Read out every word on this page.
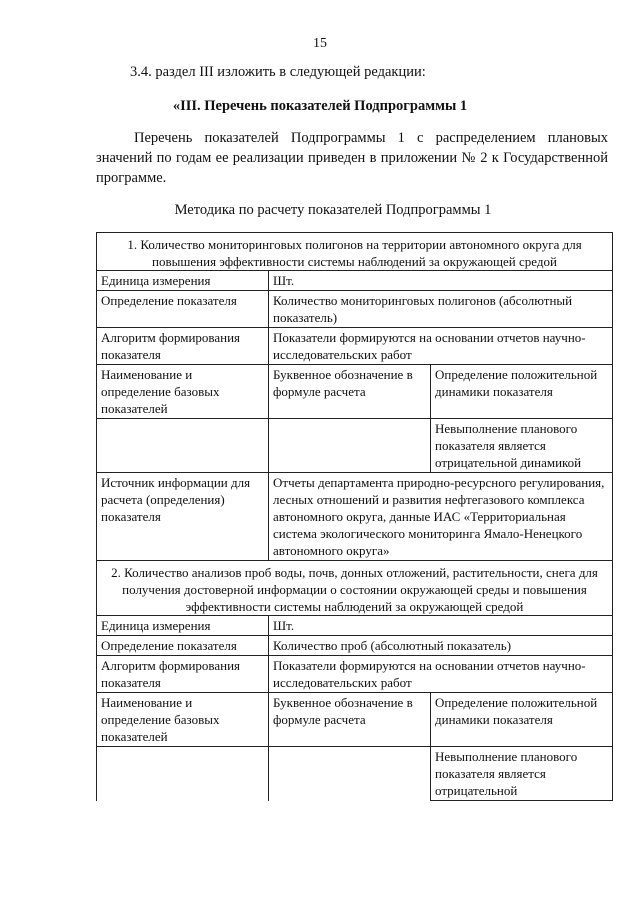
15
3.4. раздел III изложить в следующей редакции:
«III. Перечень показателей Подпрограммы 1
Перечень показателей Подпрограммы 1 с распределением плановых значений по годам ее реализации приведен в приложении № 2 к Государственной программе.
Методика по расчету показателей Подпрограммы 1
1. Количество мониторинговых полигонов на территории автономного округа для повышения эффективности системы наблюдений за окружающей средой		
Единица измерения	Шт.	
Определение показателя	Количество мониторинговых полигонов (абсолютный показатель)	
Алгоритм формирования показателя	Показатели формируются на основании отчетов научно-исследовательских работ	
Наименование и определение базовых показателей	Буквенное обозначение в формуле расчета	Определение положительной динамики показателя
		Невыполнение планового показателя является отрицательной динамикой
Источник информации для расчета (определения) показателя	Отчеты департамента природно-ресурсного регулирования, лесных отношений и развития нефтегазового комплекса автономного округа, данные ИАС «Территориальная система экологического мониторинга Ямало-Ненецкого автономного округа»	
2. Количество анализов проб воды, почв, донных отложений, растительности, снега для получения достоверной информации о состоянии окружающей среды и повышения эффективности системы наблюдений за окружающей средой		
Единица измерения	Шт.	
Определение показателя	Количество проб (абсолютный показатель)	
Алгоритм формирования показателя	Показатели формируются на основании отчетов научно-исследовательских работ	
Наименование и определение базовых показателей	Буквенное обозначение в формуле расчета	Определение положительной динамики показателя
		Невыполнение планового показателя является отрицательной
